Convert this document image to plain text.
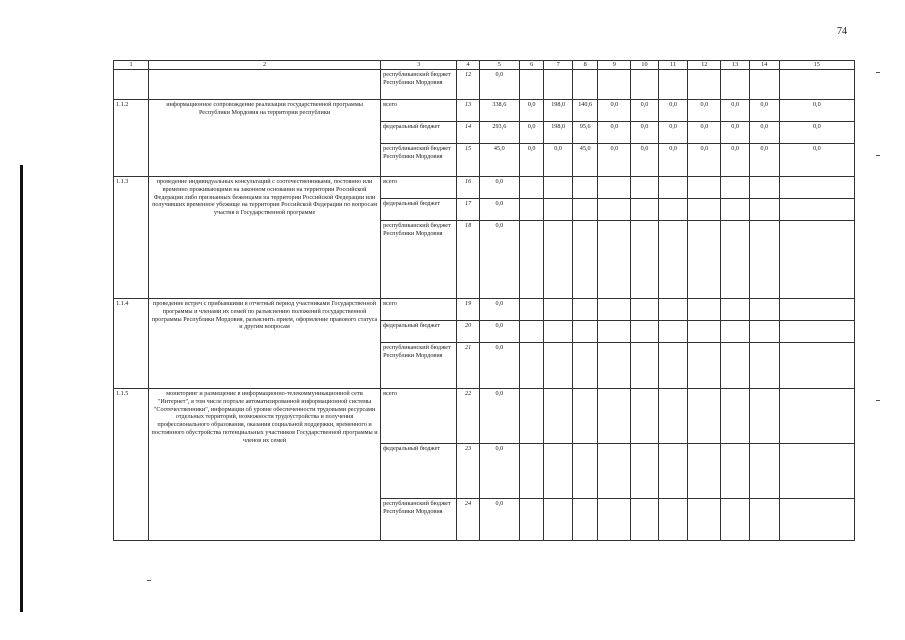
74
1	2	3	4	5	6	7	8	9	10	11	12	13	14	15
		республиканский бюджет Республики Мордовия	12	0,0										
1.1.2	информационное сопровождение реализации государственной программы Республики Мордовия на территории республики	всего	13	338,6	0,0	198,0	140,6	0,0	0,0	0,0	0,0	0,0	0,0	0,0
		федеральный бюджет	14	293,6	0,0	198,0	95,6	0,0	0,0	0,0	0,0	0,0	0,0	0,0
		республиканский бюджет Республики Мордовия	15	45,0	0,0	0,0	45,0	0,0	0,0	0,0	0,0	0,0	0,0	0,0
1.1.3	проведение индивидуальных консультаций с соотечественниками, постоянно или временно проживающими на законном основании на территории Российской Федерации либо признанных беженцами на территории Российской Федерации или получивших временное убежище на территории Российской Федерации по вопросам участия в Государственной программе	всего	16	0,0										
		федеральный бюджет	17	0,0										
		республиканский бюджет Республики Мордовия	18	0,0										
1.1.4	проведение встреч с прибывшими в отчетный период участниками Государственной программы и членами их семей по разъяснению положений государственной программы Республики Мордовия, разъяснить прием, оформление правового статуса и другим вопросам	всего	19	0,0										
		федеральный бюджет	20	0,0										
		республиканский бюджет Республики Мордовия	21	0,0										
1.1.5	мониторинг и размещение в информационно-телекоммуникационной сети "Интернет", в том числе портале автоматизированной информационной системы "Соотечественники", информации об уровне обеспеченности трудовыми ресурсами отдельных территорий, возможности трудоустройства и получения профессионального образования, оказания социальной поддержки, временного и постоянного обустройства потенциальных участников Государственной программы и членов их семей	всего	22	0,0										
		федеральный бюджет	23	0,0										
		республиканский бюджет Республики Мордовия	24	0,0										
